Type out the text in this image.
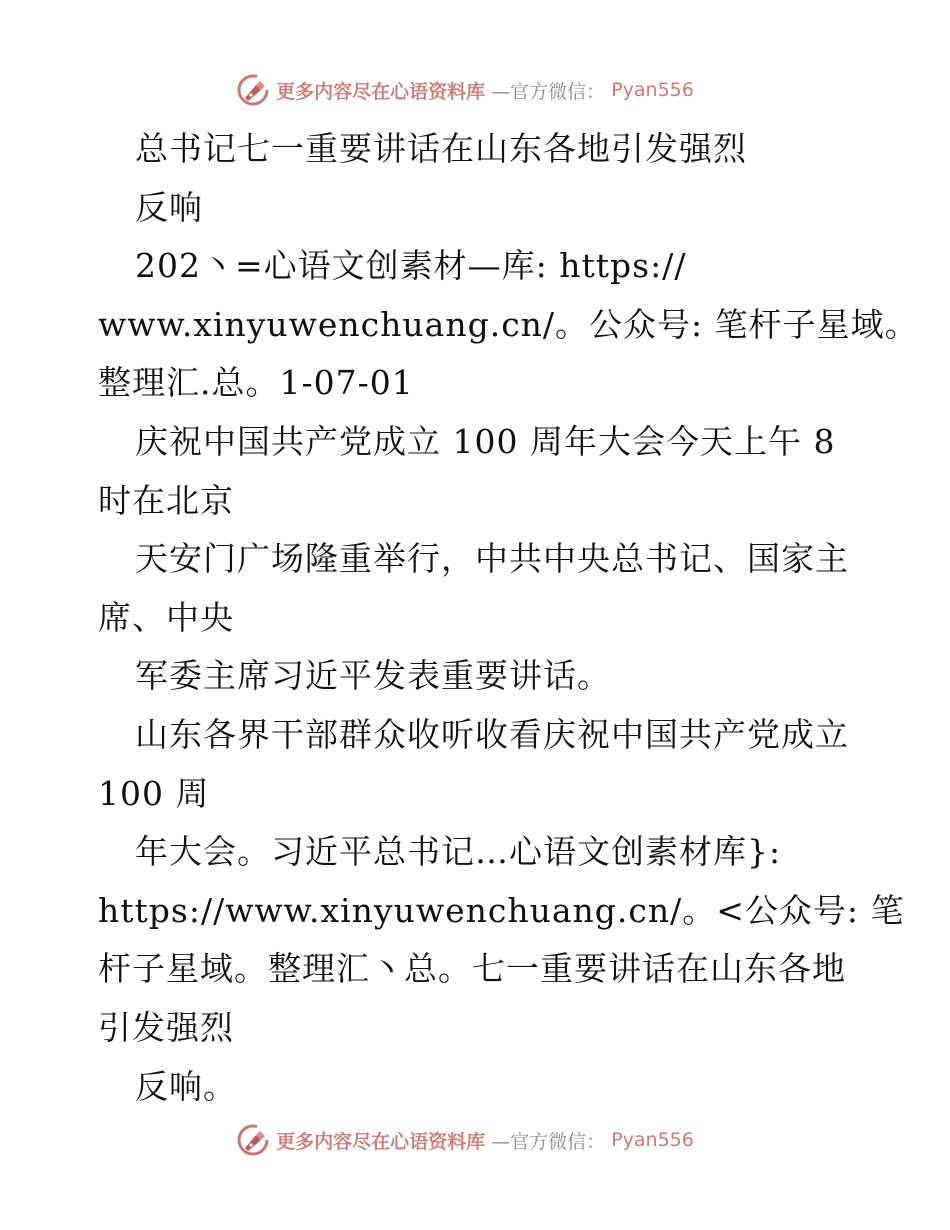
更多内容尽在心语资料库 —官方微信： Pyan556
总书记七一重要讲话在山东各地引发强烈
反响
202丶=心语文创素材—库: https://
www.xinyuwenchuang.cn/。公众号: 笔杆子星域。
整理汇.总。1-07-01
庆祝中国共产党成立 100 周年大会今天上午 8
时在北京
天安门广场隆重举行，中共中央总书记、国家主
席、中央
军委主席习近平发表重要讲话。
山东各界干部群众收听收看庆祝中国共产党成立
100 周
年大会。习近平总书记…心语文创素材库}:
https://www.xinyuwenchuang.cn/。<公众号: 笔
杆子星域。整理汇丶总。七一重要讲话在山东各地
引发强烈
反响。
更多内容尽在心语资料库 —官方微信： Pyan556
